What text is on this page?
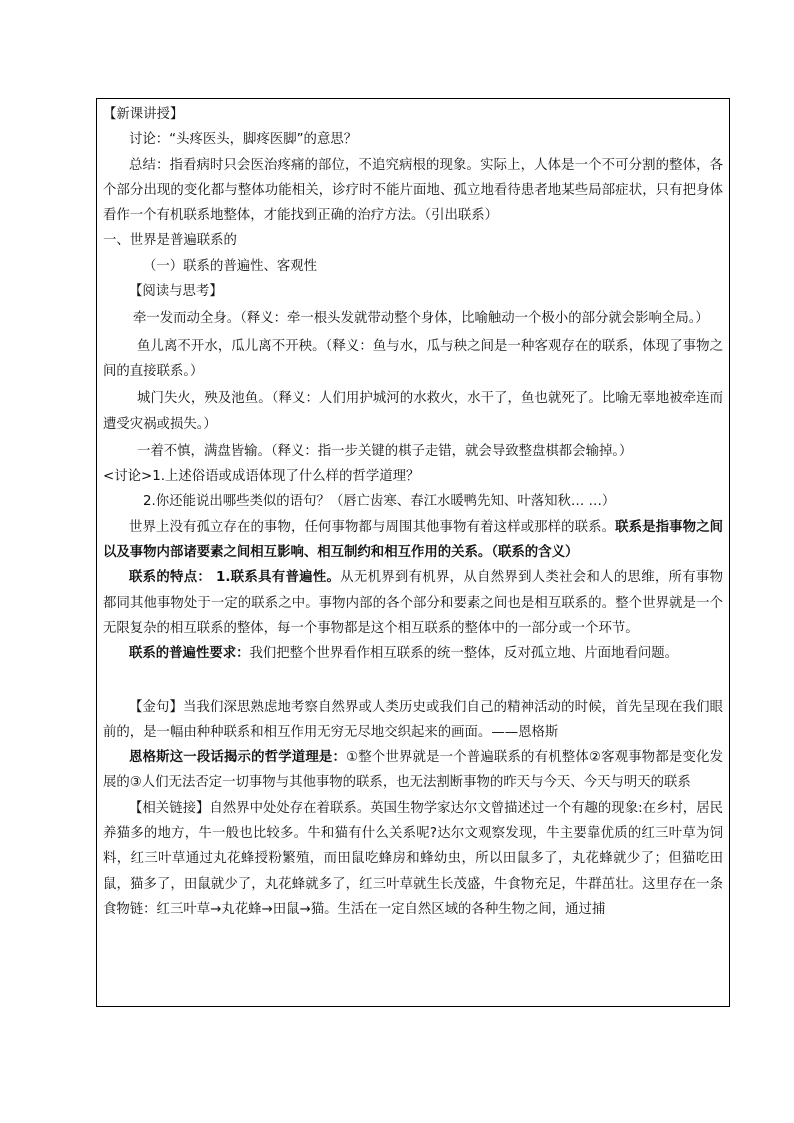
【新课讲授】

讨论：“头疼医头，脚疼医脚”的意思？

总结：指看病时只会医治疼痛的部位，不追究病根的现象。实际上，人体是一个不可分割的整体，各个部分出现的变化都与整体功能相关，诊疗时不能片面地、孤立地看待患者地某些局部症状，只有把身体看作一个有机联系地整体，才能找到正确的治疗方法。（引出联系）

一、世界是普遍联系的

（一）联系的普遍性、客观性

【阅读与思考】

牵一发而动全身。（释义：牵一根头发就带动整个身体，比喻触动一个极小的部分就会影响全局。）

鱼儿离不开水，瓜儿离不开秧。（释义：鱼与水，瓜与秧之间是一种客观存在的联系，体现了事物之间的直接联系。）

城门失火，殃及池鱼。（释义：人们用护城河的水救火，水干了，鱼也就死了。比喻无辜地被牵连而遭受灾祸或损失。）

一着不慎，满盘皆输。（释义：指一步关键的棋子走错，就会导致整盘棋都会输掉。）

<讨论>1.上述俗语或成语体现了什么样的哲学道理？

2.你还能说出哪些类似的语句？（唇亡齿寒、春江水暖鸭先知、叶落知秋… …）

世界上没有孤立存在的事物，任何事物都与周围其他事物有着这样或那样的联系。联系是指事物之间以及事物内部诸要素之间相互影响、相互制约和相互作用的关系。（联系的含义）

联系的特点： 1.联系具有普遍性。从无机界到有机界，从自然界到人类社会和人的思维，所有事物都同其他事物处于一定的联系之中。事物内部的各个部分和要素之间也是相互联系的。整个世界就是一个无限复杂的相互联系的整体，每一个事物都是这个相互联系的整体中的一部分或一个环节。

联系的普遍性要求：我们把整个世界看作相互联系的统一整体，反对孤立地、片面地看问题。

【金句】当我们深思熟虑地考察自然界或人类历史或我们自己的精神活动的时候，首先呈现在我们眼前的，是一幅由种种联系和相互作用无穷无尽地交织起来的画面。——恩格斯

恩格斯这一段话揭示的哲学道理是：①整个世界就是一个普遍联系的有机整体②客观事物都是变化发展的③人们无法否定一切事物与其他事物的联系，也无法割断事物的昨天与今天、今天与明天的联系

【相关链接】自然界中处处存在着联系。英国生物学家达尔文曾描述过一个有趣的现象:在乡村，居民养猫多的地方，牛一般也比较多。牛和猫有什么关系呢?达尔文观察发现，牛主要靠优质的红三叶草为饲料，红三叶草通过丸花蜂授粉繁殖，而田鼠吃蜂房和蜂幼虫，所以田鼠多了，丸花蜂就少了；但猫吃田鼠，猫多了，田鼠就少了，丸花蜂就多了，红三叶草就生长茂盛，牛食物充足，牛群茁壮。这里存在一条食物链：红三叶草→丸花蜂→田鼠→猫。生活在一定自然区域的各种生物之间，通过捕
